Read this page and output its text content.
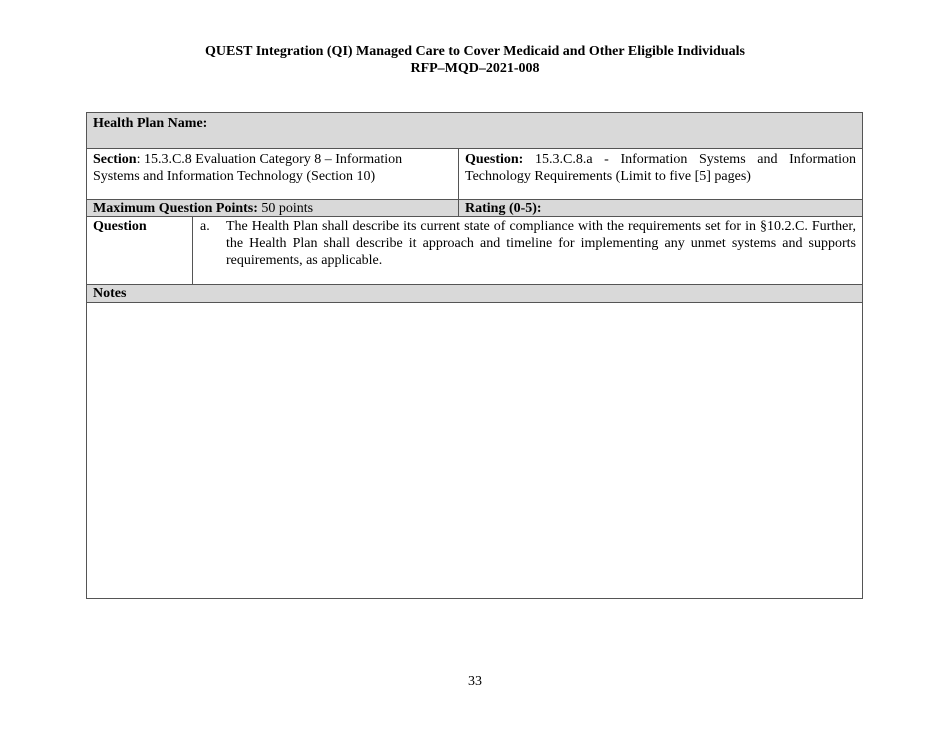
QUEST Integration (QI) Managed Care to Cover Medicaid and Other Eligible Individuals
RFP–MQD–2021-008
Health Plan Name:
Section: 15.3.C.8 Evaluation Category 8 – Information Systems and Information Technology (Section 10)
Question: 15.3.C.8.a - Information Systems and Information Technology Requirements (Limit to five [5] pages)
Maximum Question Points: 50 points	Rating (0-5):
Question	a. The Health Plan shall describe its current state of compliance with the requirements set for in §10.2.C. Further, the Health Plan shall describe it approach and timeline for implementing any unmet systems and supports requirements, as applicable.
Notes
33
